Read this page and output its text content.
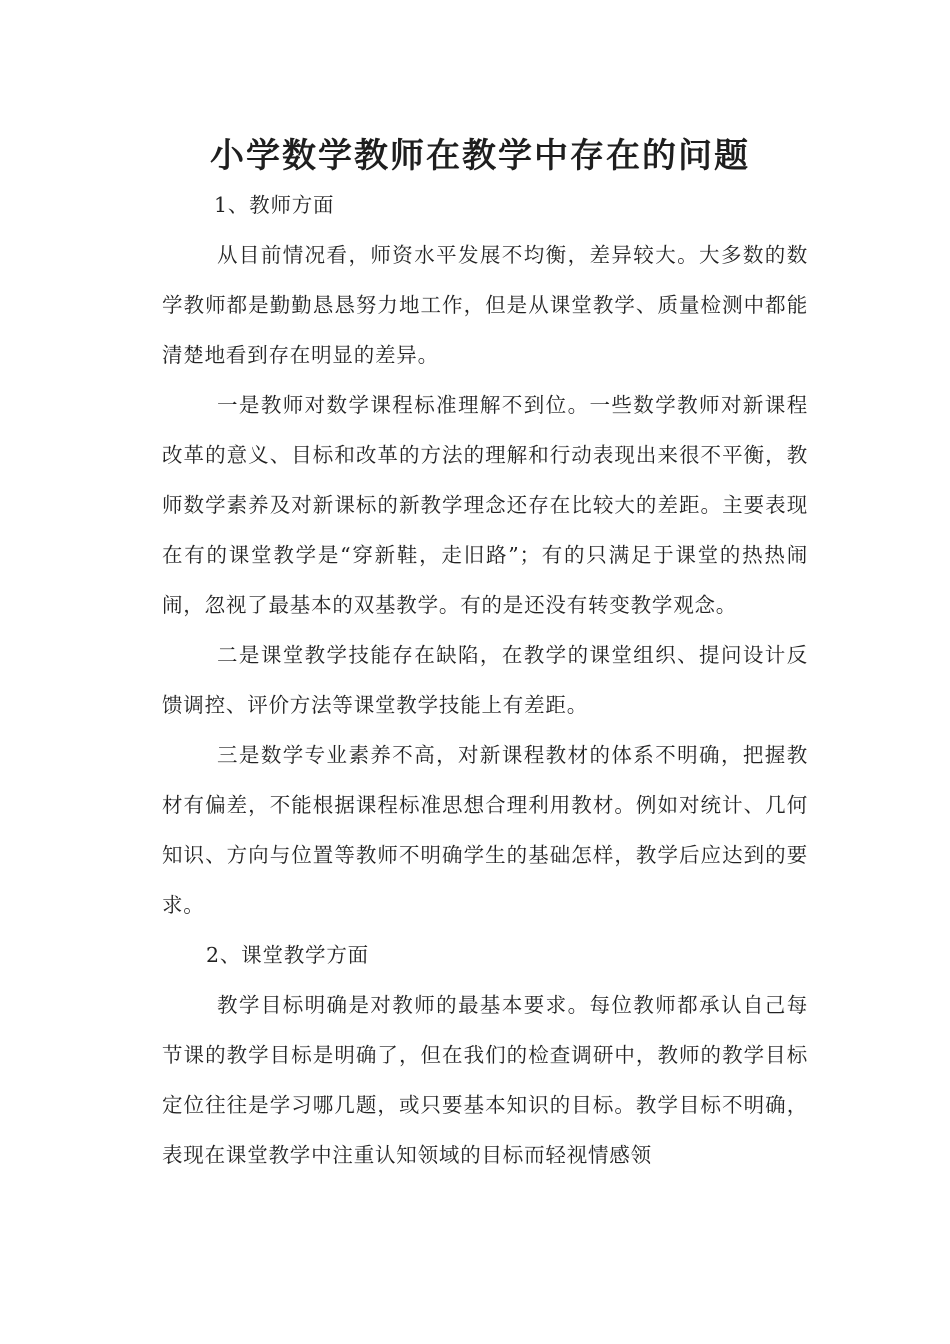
小学数学教师在教学中存在的问题

1、教师方面

从目前情况看，师资水平发展不均衡，差异较大。大多数的数学教师都是勤勤恳恳努力地工作，但是从课堂教学、质量检测中都能清楚地看到存在明显的差异。

一是教师对数学课程标准理解不到位。一些数学教师对新课程改革的意义、目标和改革的方法的理解和行动表现出来很不平衡，教师数学素养及对新课标的新教学理念还存在比较大的差距。主要表现在有的课堂教学是“穿新鞋，走旧路”；有的只满足于课堂的热热闹闹，忽视了最基本的双基教学。有的是还没有转变教学观念。

二是课堂教学技能存在缺陷，在教学的课堂组织、提问设计反馈调控、评价方法等课堂教学技能上有差距。

三是数学专业素养不高，对新课程教材的体系不明确，把握教材有偏差，不能根据课程标准思想合理利用教材。例如对统计、几何知识、方向与位置等教师不明确学生的基础怎样，教学后应达到的要求。

2、课堂教学方面

教学目标明确是对教师的最基本要求。每位教师都承认自己每节课的教学目标是明确了，但在我们的检查调研中，教师的教学目标定位往往是学习哪几题，或只要基本知识的目标。教学目标不明确，表现在课堂教学中注重认知领域的目标而轻视情感领
